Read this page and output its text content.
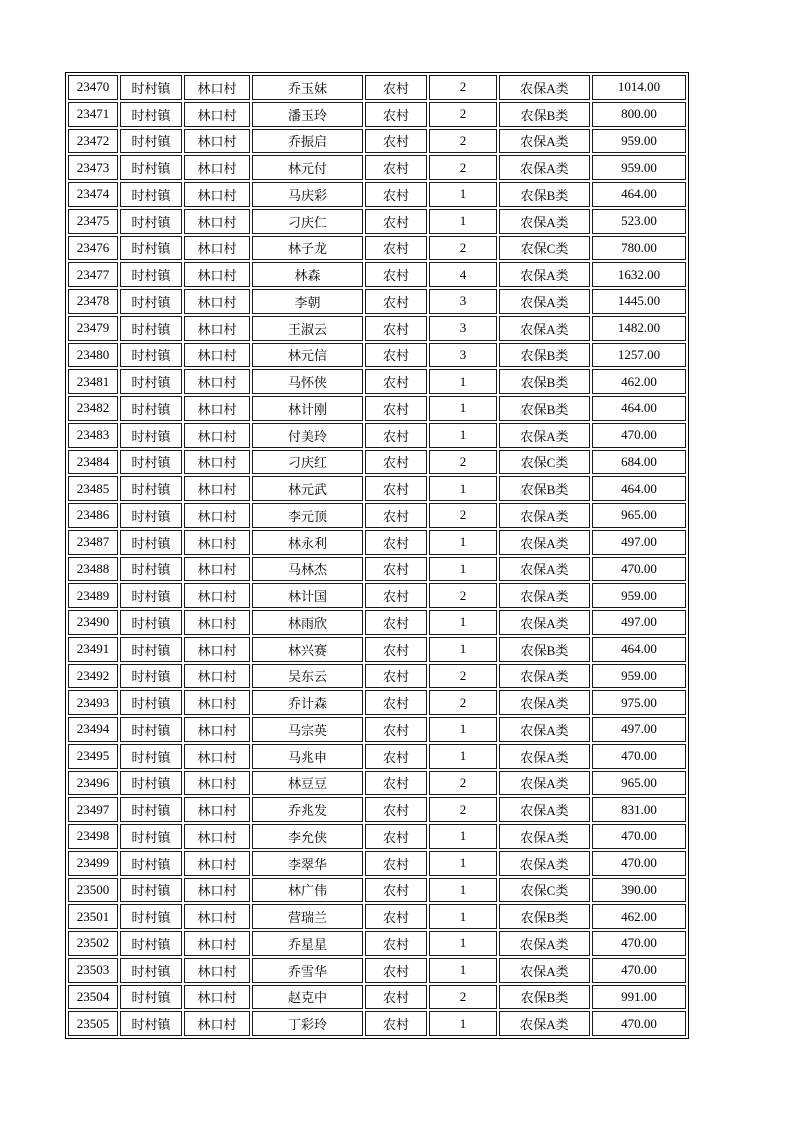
23470	时村镇	林口村	乔玉妹	农村	2	农保A类	1014.00
23471	时村镇	林口村	潘玉玲	农村	2	农保B类	800.00
23472	时村镇	林口村	乔振启	农村	2	农保A类	959.00
23473	时村镇	林口村	林元付	农村	2	农保A类	959.00
23474	时村镇	林口村	马庆彩	农村	1	农保B类	464.00
23475	时村镇	林口村	刁庆仁	农村	1	农保A类	523.00
23476	时村镇	林口村	林子龙	农村	2	农保C类	780.00
23477	时村镇	林口村	林森	农村	4	农保A类	1632.00
23478	时村镇	林口村	李朝	农村	3	农保A类	1445.00
23479	时村镇	林口村	王淑云	农村	3	农保A类	1482.00
23480	时村镇	林口村	林元信	农村	3	农保B类	1257.00
23481	时村镇	林口村	马怀侠	农村	1	农保B类	462.00
23482	时村镇	林口村	林计刚	农村	1	农保B类	464.00
23483	时村镇	林口村	付美玲	农村	1	农保A类	470.00
23484	时村镇	林口村	刁庆红	农村	2	农保C类	684.00
23485	时村镇	林口村	林元武	农村	1	农保B类	464.00
23486	时村镇	林口村	李元顶	农村	2	农保A类	965.00
23487	时村镇	林口村	林永利	农村	1	农保A类	497.00
23488	时村镇	林口村	马林杰	农村	1	农保A类	470.00
23489	时村镇	林口村	林计国	农村	2	农保A类	959.00
23490	时村镇	林口村	林雨欣	农村	1	农保A类	497.00
23491	时村镇	林口村	林兴赛	农村	1	农保B类	464.00
23492	时村镇	林口村	吴东云	农村	2	农保A类	959.00
23493	时村镇	林口村	乔计森	农村	2	农保A类	975.00
23494	时村镇	林口村	马宗英	农村	1	农保A类	497.00
23495	时村镇	林口村	马兆申	农村	1	农保A类	470.00
23496	时村镇	林口村	林豆豆	农村	2	农保A类	965.00
23497	时村镇	林口村	乔兆发	农村	2	农保A类	831.00
23498	时村镇	林口村	李允侠	农村	1	农保A类	470.00
23499	时村镇	林口村	李翠华	农村	1	农保A类	470.00
23500	时村镇	林口村	林广伟	农村	1	农保C类	390.00
23501	时村镇	林口村	营瑞兰	农村	1	农保B类	462.00
23502	时村镇	林口村	乔星星	农村	1	农保A类	470.00
23503	时村镇	林口村	乔雪华	农村	1	农保A类	470.00
23504	时村镇	林口村	赵克中	农村	2	农保B类	991.00
23505	时村镇	林口村	丁彩玲	农村	1	农保A类	470.00
